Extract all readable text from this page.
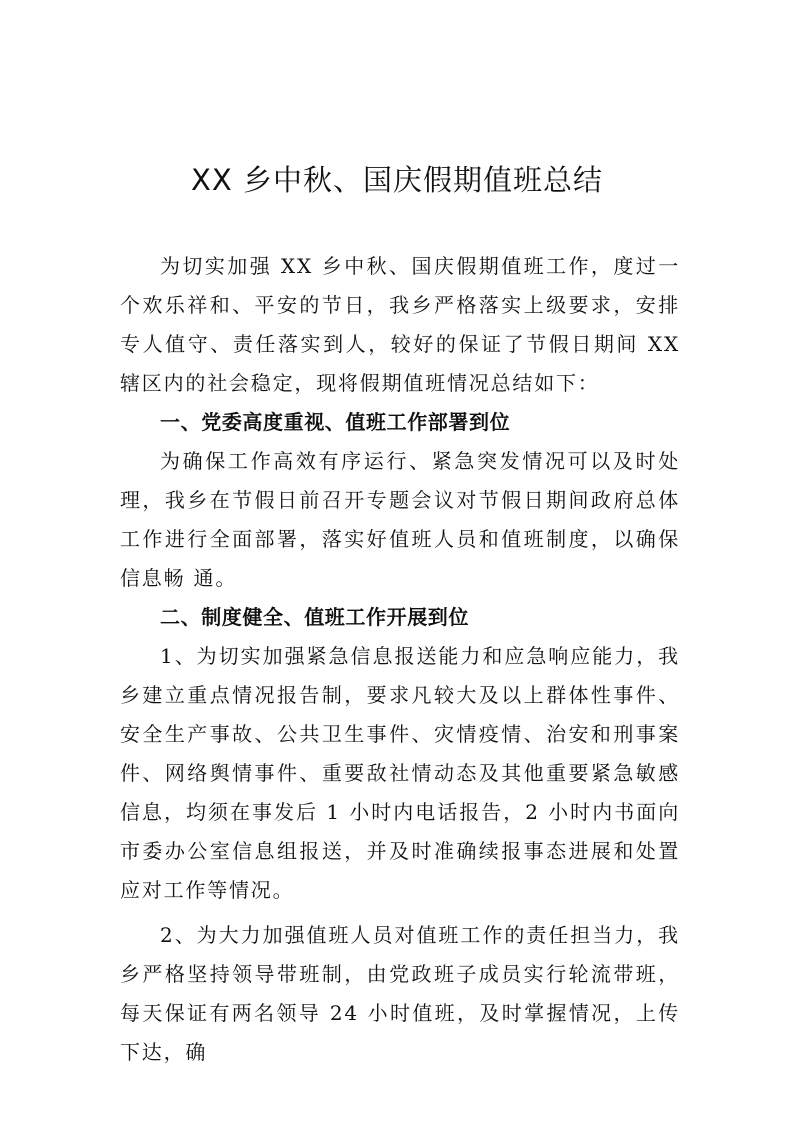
XX 乡中秋、国庆假期值班总结

为切实加强 XX 乡中秋、国庆假期值班工作，度过一个欢乐祥和、平安的节日，我乡严格落实上级要求，安排专人值守、责任落实到人，较好的保证了节假日期间 XX 辖区内的社会稳定，现将假期值班情况总结如下：

一、党委高度重视、值班工作部署到位

为确保工作高效有序运行、紧急突发情况可以及时处理，我乡在节假日前召开专题会议对节假日期间政府总体工作进行全面部署，落实好值班人员和值班制度，以确保信息畅 通。

二、制度健全、值班工作开展到位

1、为切实加强紧急信息报送能力和应急响应能力，我乡建立重点情况报告制，要求凡较大及以上群体性事件、安全生产事故、公共卫生事件、灾情疫情、治安和刑事案件、网络舆情事件、重要敌社情动态及其他重要紧急敏感信息，均须在事发后 1 小时内电话报告，2 小时内书面向市委办公室信息组报送，并及时准确续报事态进展和处置应对工作等情况。

2、为大力加强值班人员对值班工作的责任担当力，我乡严格坚持领导带班制，由党政班子成员实行轮流带班，每天保证有两名领导 24 小时值班，及时掌握情况，上传下达，确
